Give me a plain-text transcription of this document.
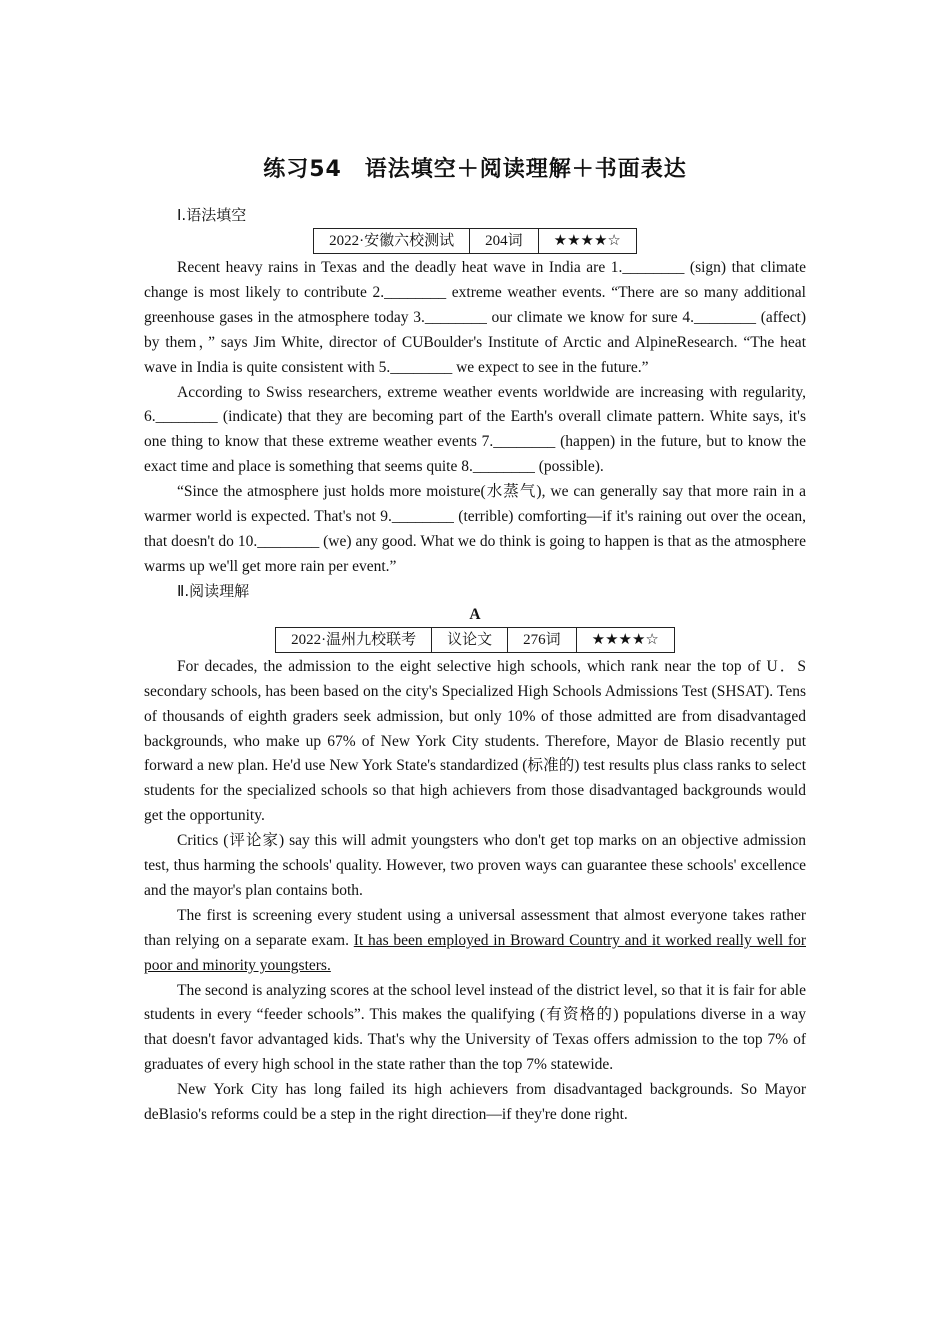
练习54　语法填空＋阅读理解＋书面表达
Ⅰ.语法填空
2022·安徽六校测试	204词	★★★★☆

Recent heavy rains in Texas and the deadly heat wave in India are 1.________ (sign) that climate change is most likely to contribute 2.________ extreme weather events. “There are so many additional greenhouse gases in the atmosphere today 3.________ our climate we know for sure 4.________ (affect) by them，” says Jim White, director of CUBoulder's Institute of Arctic and AlpineResearch. “The heat wave in India is quite consistent with 5.________ we expect to see in the future.”

According to Swiss researchers, extreme weather events worldwide are increasing with regularity, 6.________ (indicate) that they are becoming part of the Earth's overall climate pattern. White says, it's one thing to know that these extreme weather events 7.________ (happen) in the future, but to know the exact time and place is something that seems quite 8.________ (possible).

“Since the atmosphere just holds more moisture(水蒸气), we can generally say that more rain in a warmer world is expected. That's not 9.________ (terrible) comforting—if it's raining out over the ocean, that doesn't do 10.________ (we) any good. What we do think is going to happen is that as the atmosphere warms up we'll get more rain per event.”

Ⅱ.阅读理解
A
2022·温州九校联考	议论文	276词	★★★★☆

For decades, the admission to the eight selective high schools, which rank near the top of U．S secondary schools, has been based on the city's Specialized High Schools Admissions Test (SHSAT). Tens of thousands of eighth graders seek admission, but only 10% of those admitted are from disadvantaged backgrounds, who make up 67% of New York City students. Therefore, Mayor de Blasio recently put forward a new plan. He'd use New York State's standardized (标准的) test results plus class ranks to select students for the specialized schools so that high achievers from those disadvantaged backgrounds would get the opportunity.

Critics (评论家) say this will admit youngsters who don't get top marks on an objective admission test, thus harming the schools' quality. However, two proven ways can guarantee these schools' excellence and the mayor's plan contains both.

The first is screening every student using a universal assessment that almost everyone takes rather than relying on a separate exam. It has been employed in Broward Country and it worked really well for poor and minority youngsters.

The second is analyzing scores at the school level instead of the district level, so that it is fair for able students in every “feeder schools”. This makes the qualifying (有资格的) populations diverse in a way that doesn't favor advantaged kids. That's why the University of Texas offers admission to the top 7% of graduates of every high school in the state rather than the top 7% statewide.

New York City has long failed its high achievers from disadvantaged backgrounds. So Mayor deBlasio's reforms could be a step in the right direction—if they're done right.
